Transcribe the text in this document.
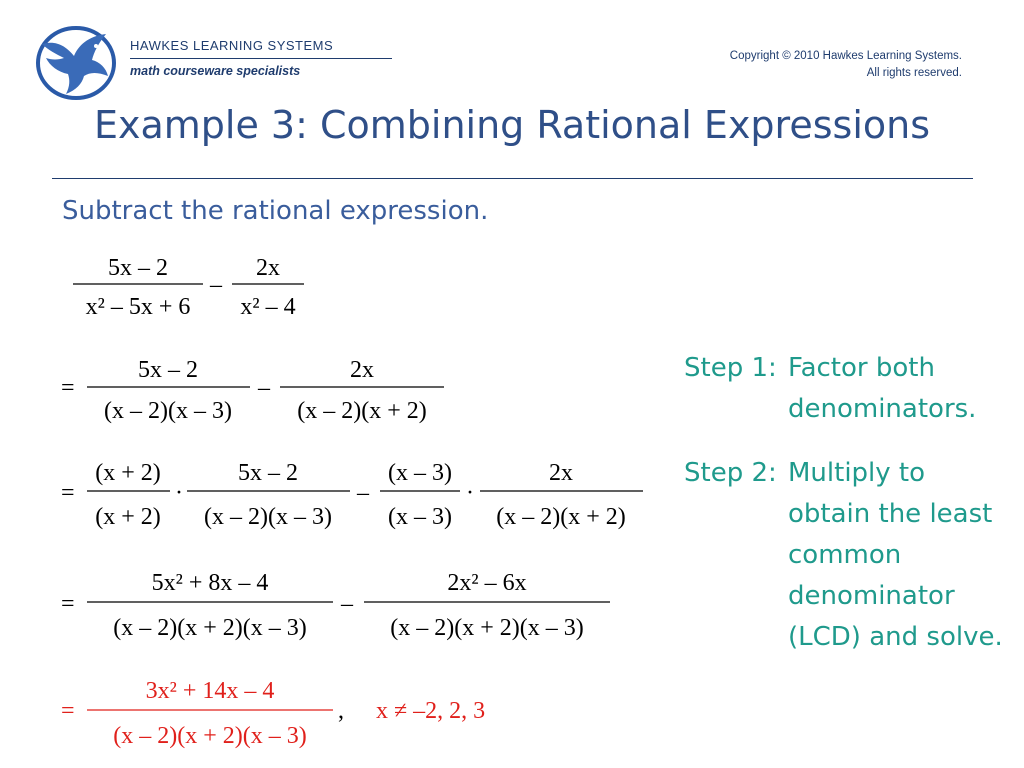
HAWKES LEARNING SYSTEMS
math courseware specialists
Copyright © 2010 Hawkes Learning Systems.
All rights reserved.
Example 3: Combining Rational Expressions
Subtract the rational expression.
Step 1: Factor both
denominators.
Step 2: Multiply to
obtain the least
common
denominator
(LCD) and solve.
5x – 2
x² – 5x + 6
–
2x
x² – 4
=
5x – 2
(x – 2)(x – 3)
–
2x
(x – 2)(x + 2)
=
(x + 2)
(x + 2)
·
5x – 2
(x – 2)(x – 3)
–
(x – 3)
(x – 3)
·
2x
(x – 2)(x + 2)
=
5x² + 8x – 4
(x – 2)(x + 2)(x – 3)
–
2x² – 6x
(x – 2)(x + 2)(x – 3)
=
3x² + 14x – 4
(x – 2)(x + 2)(x – 3)
, x ≠ –2, 2, 3
